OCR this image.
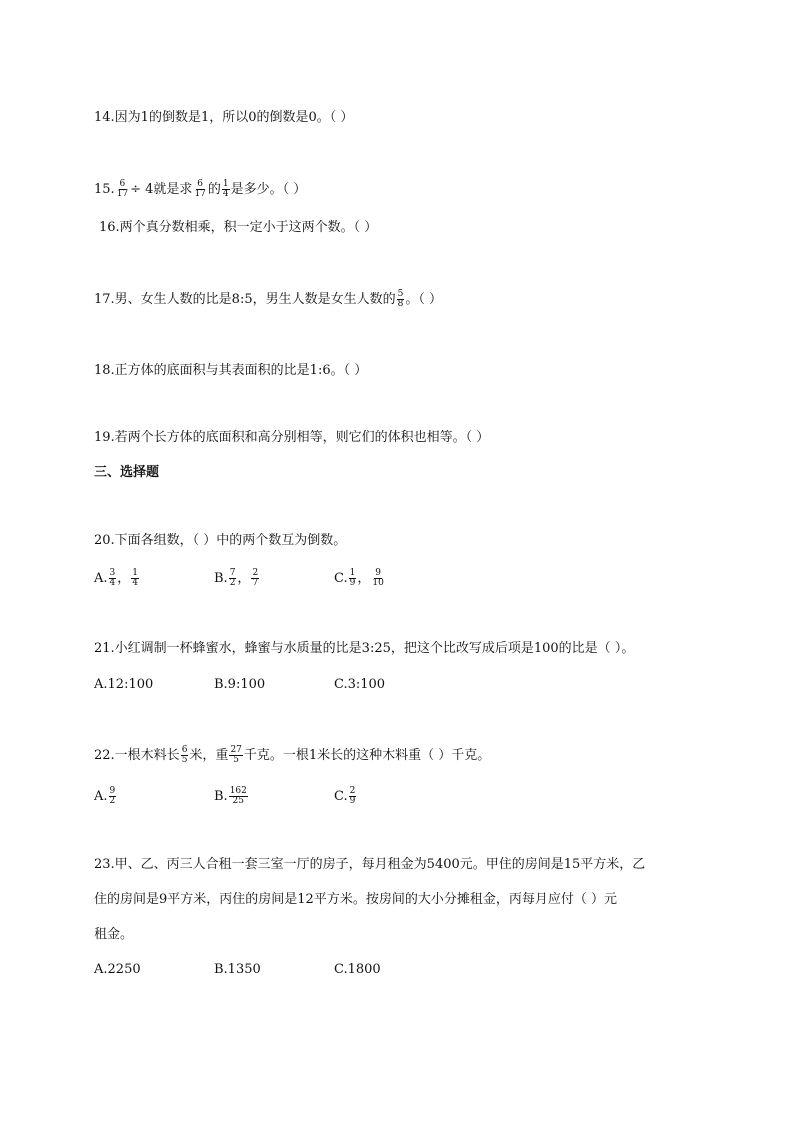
14.因为1的倒数是1，所以0的倒数是0。（ ）
15. $\frac{6}{17} \div 4$就是求 $\frac{6}{17}$ 的 $\frac{1}{4}$ 是多少。（ ）
16.两个真分数相乘，积一定小于这两个数。（ ）
17.男、女生人数的比是8:5，男生人数是女生人数的 $\frac{5}{8}$ 。（ ）
18.正方体的底面积与其表面积的比是1:6。（ ）
19.若两个长方体的底面积和高分别相等，则它们的体积也相等。（ ）
三、选择题
20.下面各组数，（ ）中的两个数互为倒数。
A. $\frac{3}{4}$ ， $\frac{1}{4}$	B. $\frac{7}{2}$ ， $\frac{2}{7}$	C. $\frac{1}{9}$ ， $\frac{9}{10}$
21.小红调制一杯蜂蜜水，蜂蜜与水质量的比是3:25，把这个比改写成后项是100的比是（ ）。
A.12:100	B.9:100	C.3:100
22.一根木料长 $\frac{6}{5}$ 米，重 $\frac{27}{5}$ 千克。一根1米长的这种木料重（ ）千克。
A. $\frac{9}{2}$	B. $\frac{162}{25}$	C. $\frac{2}{9}$
23.甲、乙、丙三人合租一套三室一厅的房子，每月租金为5400元。甲住的房间是15平方米，乙
住的房间是9平方米，丙住的房间是12平方米。按房间的大小分摊租金，丙每月应付（ ）元
租金。
A.2250	B.1350	C.1800
